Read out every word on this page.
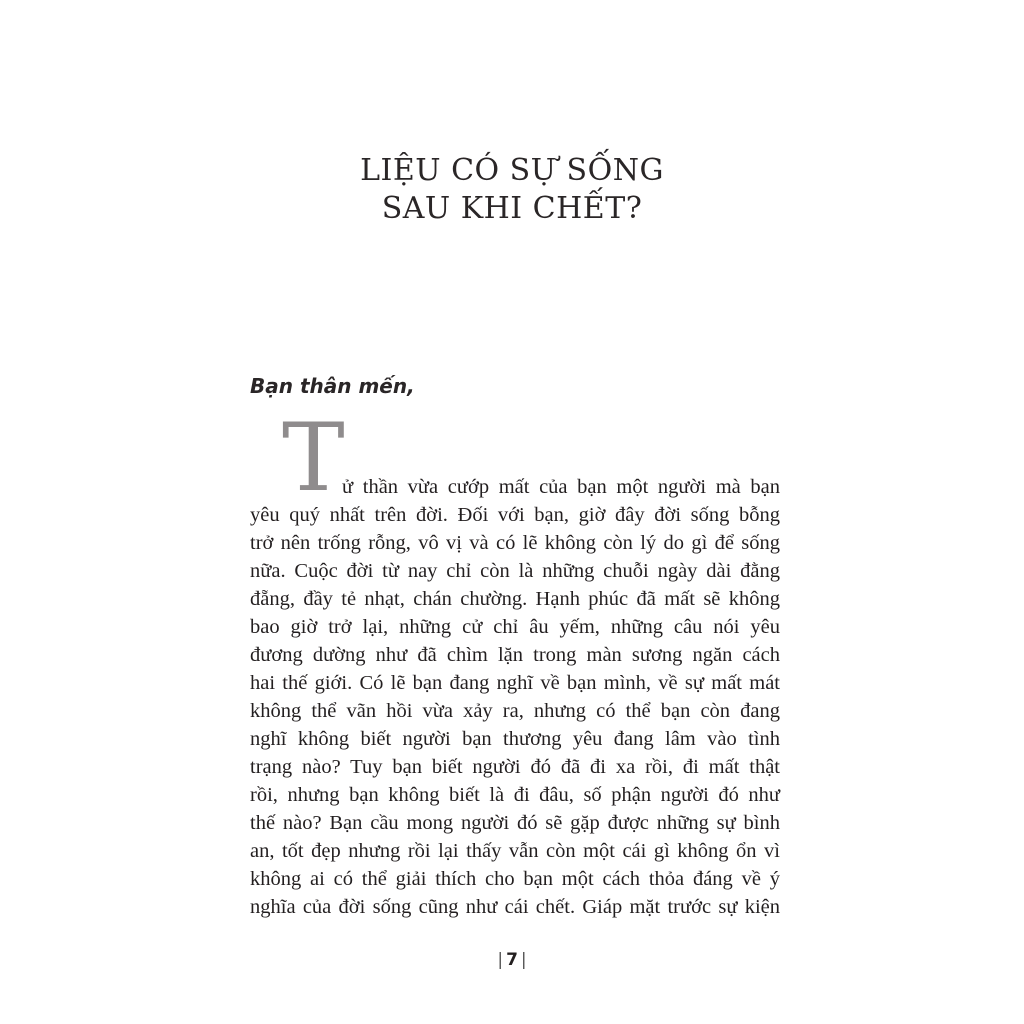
LIỆU CÓ SỰ SỐNG
SAU KHI CHẾT?

Bạn thân mến,

T
ử thần vừa cướp mất của bạn một người mà bạn
yêu quý nhất trên đời. Đối với bạn, giờ đây đời sống bỗng
trở nên trống rỗng, vô vị và có lẽ không còn lý do gì để sống
nữa. Cuộc đời từ nay chỉ còn là những chuỗi ngày dài đằng
đẵng, đầy tẻ nhạt, chán chường. Hạnh phúc đã mất sẽ không
bao giờ trở lại, những cử chỉ âu yếm, những câu nói yêu
đương dường như đã chìm lặn trong màn sương ngăn cách
hai thế giới. Có lẽ bạn đang nghĩ về bạn mình, về sự mất mát
không thể vãn hồi vừa xảy ra, nhưng có thể bạn còn đang
nghĩ không biết người bạn thương yêu đang lâm vào tình
trạng nào? Tuy bạn biết người đó đã đi xa rồi, đi mất thật
rồi, nhưng bạn không biết là đi đâu, số phận người đó như
thế nào? Bạn cầu mong người đó sẽ gặp được những sự bình
an, tốt đẹp nhưng rồi lại thấy vẫn còn một cái gì không ổn vì
không ai có thể giải thích cho bạn một cách thỏa đáng về ý
nghĩa của đời sống cũng như cái chết. Giáp mặt trước sự kiện
| 7 |
